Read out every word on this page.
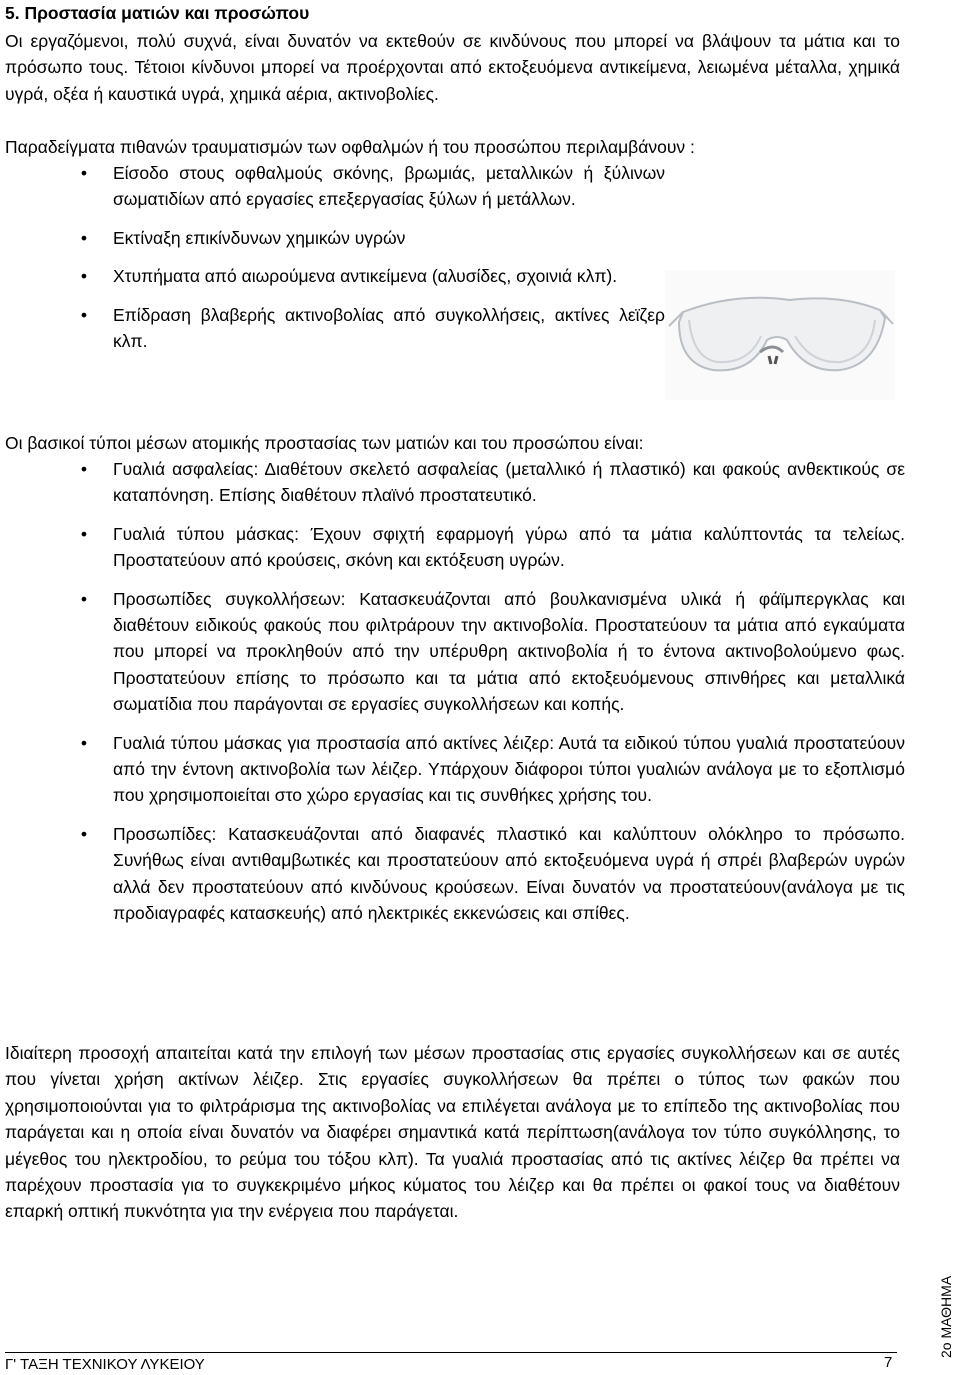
5. Προστασία ματιών και προσώπου
Οι εργαζόμενοι, πολύ συχνά, είναι δυνατόν να εκτεθούν σε κινδύνους που μπορεί να βλάψουν τα μάτια και το πρόσωπο τους. Τέτοιοι κίνδυνοι μπορεί να προέρχονται από εκτοξευόμενα αντικείμενα, λειωμένα μέταλλα, χημικά υγρά, οξέα ή καυστικά υγρά, χημικά αέρια, ακτινοβολίες.
Παραδείγματα πιθανών τραυματισμών των οφθαλμών ή του προσώπου περιλαμβάνουν :
• Είσοδο στους οφθαλμούς σκόνης, βρωμιάς, μεταλλικών ή ξύλινων σωματιδίων από εργασίες επεξεργασίας ξύλων ή μετάλλων.
• Εκτίναξη επικίνδυνων χημικών υγρών
• Χτυπήματα από αιωρούμενα αντικείμενα (αλυσίδες, σχοινιά κλπ).
• Επίδραση βλαβερής ακτινοβολίας από συγκολλήσεις, ακτίνες λεϊζερ κλπ.
Οι βασικοί τύποι μέσων ατομικής προστασίας των ματιών και του προσώπου είναι:
• Γυαλιά ασφαλείας: Διαθέτουν σκελετό ασφαλείας (μεταλλικό ή πλαστικό) και φακούς ανθεκτικούς σε καταπόνηση. Επίσης διαθέτουν πλαϊνό προστατευτικό.
• Γυαλιά τύπου μάσκας: Έχουν σφιχτή εφαρμογή γύρω από τα μάτια καλύπτοντάς τα τελείως. Προστατεύουν από κρούσεις, σκόνη και εκτόξευση υγρών.
• Προσωπίδες συγκολλήσεων: Κατασκευάζονται από βουλκανισμένα υλικά ή φάϊμπεργκλας και διαθέτουν ειδικούς φακούς που φιλτράρουν την ακτινοβολία. Προστατεύουν τα μάτια από εγκαύματα που μπορεί να προκληθούν από την υπέρυθρη ακτινοβολία ή το έντονα ακτινοβολούμενο φως. Προστατεύουν επίσης το πρόσωπο και τα μάτια από εκτοξευόμενους σπινθήρες και μεταλλικά σωματίδια που παράγονται σε εργασίες συγκολλήσεων και κοπής.
• Γυαλιά τύπου μάσκας για προστασία από ακτίνες λέιζερ: Αυτά τα ειδικού τύπου γυαλιά προστατεύουν από την έντονη ακτινοβολία των λέιζερ. Υπάρχουν διάφοροι τύποι γυαλιών ανάλογα με το εξοπλισμό που χρησιμοποιείται στο χώρο εργασίας και τις συνθήκες χρήσης του.
• Προσωπίδες: Κατασκευάζονται από διαφανές πλαστικό και καλύπτουν ολόκληρο το πρόσωπο. Συνήθως είναι αντιθαμβωτικές και προστατεύουν από εκτοξευόμενα υγρά ή σπρέι βλαβερών υγρών αλλά δεν προστατεύουν από κινδύνους κρούσεων. Είναι δυνατόν να προστατεύουν(ανάλογα με τις προδιαγραφές κατασκευής) από ηλεκτρικές εκκενώσεις και σπίθες.
Ιδιαίτερη προσοχή απαιτείται κατά την επιλογή των μέσων προστασίας στις εργασίες συγκολλήσεων και σε αυτές που γίνεται χρήση ακτίνων λέιζερ. Στις εργασίες συγκολλήσεων θα πρέπει ο τύπος των φακών που χρησιμοποιούνται για το φιλτράρισμα της ακτινοβολίας να επιλέγεται ανάλογα με το επίπεδο της ακτινοβολίας που παράγεται και η οποία είναι δυνατόν να διαφέρει σημαντικά κατά περίπτωση(ανάλογα τον τύπο συγκόλλησης, το μέγεθος του ηλεκτροδίου, το ρεύμα του τόξου κλπ). Τα γυαλιά προστασίας από τις ακτίνες λέιζερ θα πρέπει να παρέχουν προστασία για το συγκεκριμένο μήκος κύματος του λέιζερ και θα πρέπει οι φακοί τους να διαθέτουν επαρκή οπτική πυκνότητα για την ενέργεια που παράγεται.
2ο ΜΑΘΗΜΑ
Γ' ΤΑΞΗ ΤΕΧΝΙΚΟΥ ΛΥΚΕΙΟΥ	7
